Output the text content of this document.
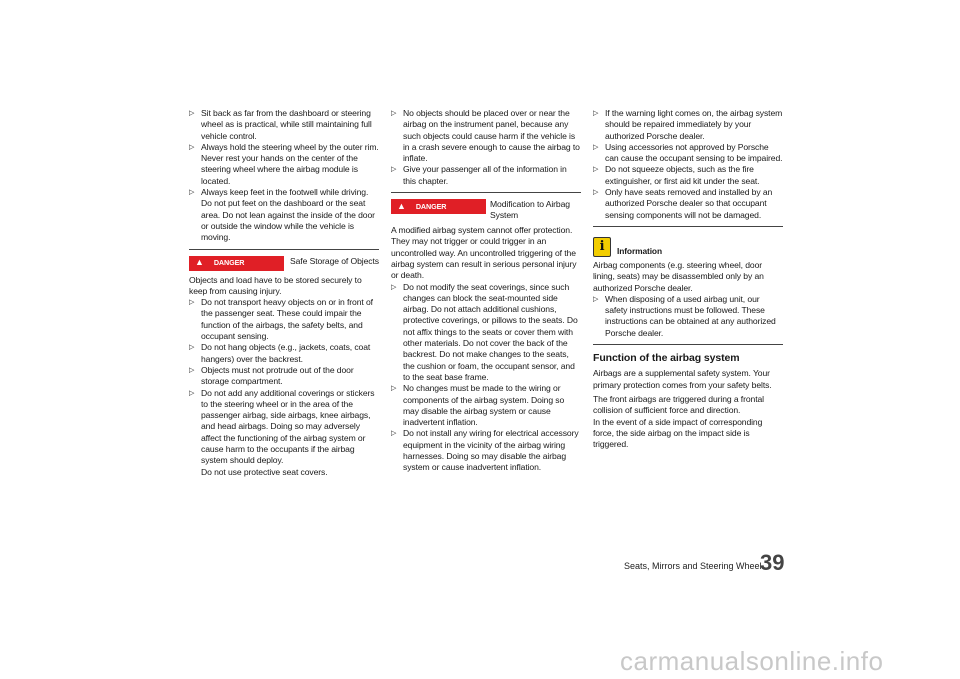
▷ Sit back as far from the dashboard or steering wheel as is practical, while still maintaining full vehicle control.
▷ Always hold the steering wheel by the outer rim. Never rest your hands on the center of the steering wheel where the airbag module is located.
▷ Always keep feet in the footwell while driving. Do not put feet on the dashboard or the seat area. Do not lean against the inside of the door or outside the window while the vehicle is moving.
▲ DANGER	Safe Storage of Objects

Objects and load have to be stored securely to keep from causing injury.

▷ Do not transport heavy objects on or in front of the passenger seat. These could impair the function of the airbags, the safety belts, and occupant sensing.
▷ Do not hang objects (e.g., jackets, coats, coat hangers) over the backrest.
▷ Objects must not protrude out of the door storage compartment.
▷ Do not add any additional coverings or stickers to the steering wheel or in the area of the passenger airbag, side airbags, knee airbags, and head airbags. Doing so may adversely affect the functioning of the airbag system or cause harm to the occupants if the airbag system should deploy.
Do not use protective seat covers.
▷ No objects should be placed over or near the airbag on the instrument panel, because any such objects could cause harm if the vehicle is in a crash severe enough to cause the airbag to inflate.
▷ Give your passenger all of the information in this chapter.
▲ DANGER	Modification to Airbag System

A modified airbag system cannot offer protection. They may not trigger or could trigger in an uncontrolled way. An uncontrolled triggering of the airbag system can result in serious personal injury or death.

▷ Do not modify the seat coverings, since such changes can block the seat-mounted side airbag. Do not attach additional cushions, protective coverings, or pillows to the seats. Do not affix things to the seats or cover them with other materials. Do not cover the back of the backrest. Do not make changes to the seats, the cushion or foam, the occupant sensor, and to the seat base frame.
▷ No changes must be made to the wiring or components of the airbag system. Doing so may disable the airbag system or cause inadvertent inflation.
▷ Do not install any wiring for electrical accessory equipment in the vicinity of the airbag wiring harnesses. Doing so may disable the airbag system or cause inadvertent inflation.
▷ If the warning light comes on, the airbag system should be repaired immediately by your authorized Porsche dealer.
▷ Using accessories not approved by Porsche can cause the occupant sensing to be impaired.
▷ Do not squeeze objects, such as the fire extinguisher, or first aid kit under the seat.
▷ Only have seats removed and installed by an authorized Porsche dealer so that occupant sensing components will not be damaged.
i	Information

Airbag components (e.g. steering wheel, door lining, seats) may be disassembled only by an authorized Porsche dealer.

▷ When disposing of a used airbag unit, our safety instructions must be followed. These instructions can be obtained at any authorized Porsche dealer.
Function of the airbag system

Airbags are a supplemental safety system. Your primary protection comes from your safety belts.

The front airbags are triggered during a frontal collision of sufficient force and direction.

In the event of a side impact of corresponding force, the side airbag on the impact side is triggered.

Seats, Mirrors and Steering Wheel
39
carmanualsonline.info
